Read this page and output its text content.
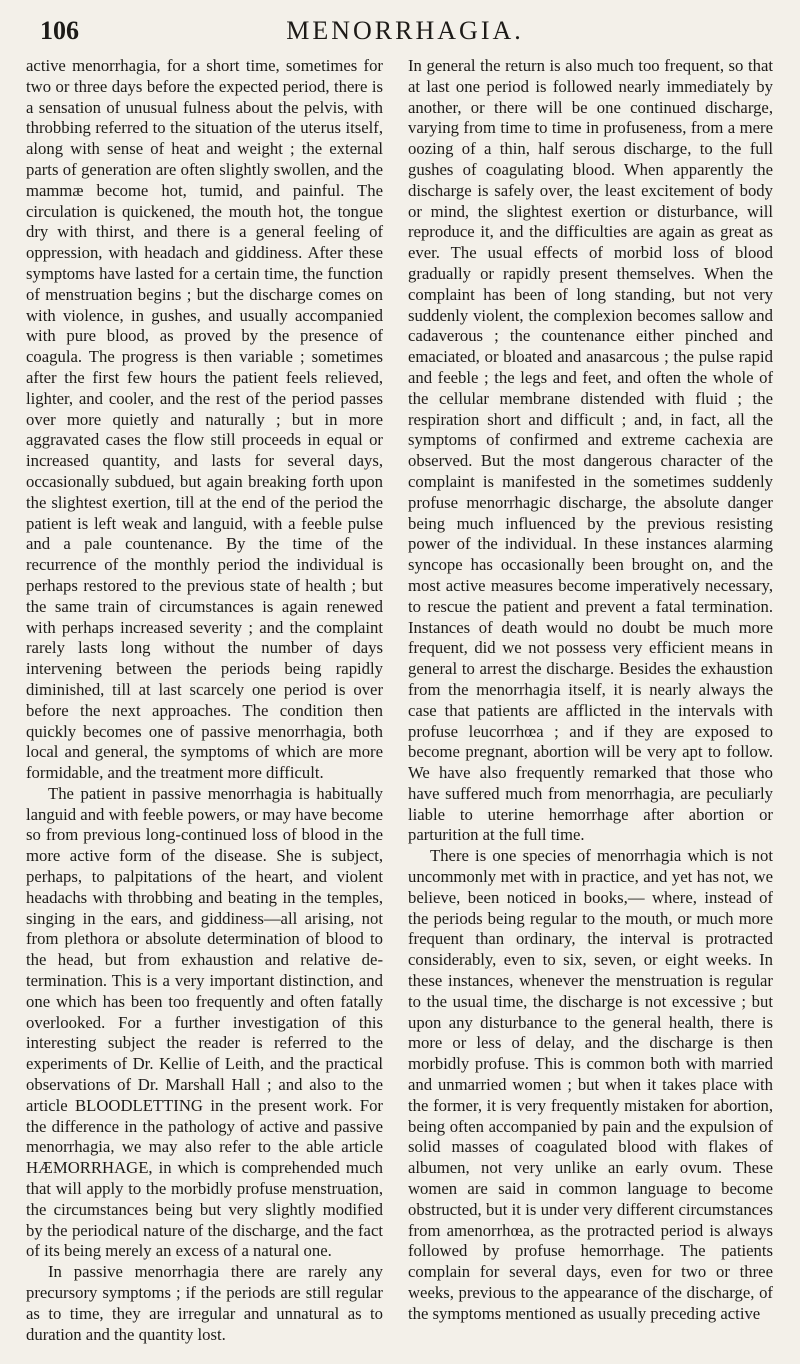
106	MENORRHAGIA.

active menorrhagia, for a short time, sometimes for two or three days before the expected period, there is a sensation of unusual fulness about the pelvis, with throbbing referred to the situation of the uterus itself, along with sense of heat and weight ; the external parts of generation are often slightly swollen, and the mammæ become hot, tumid, and painful. The circulation is quickened, the mouth hot, the tongue dry with thirst, and there is a general feeling of oppression, with headach and giddiness. After these symptoms have lasted for a certain time, the function of menstruation begins ; but the discharge comes on with violence, in gushes, and usually accompanied with pure blood, as proved by the presence of coagula. The progress is then variable ; sometimes after the first few hours the patient feels relieved, lighter, and cooler, and the rest of the period passes over more quietly and naturally ; but in more aggravated cases the flow still proceeds in equal or increased quantity, and lasts for several days, occasionally subdued, but again breaking forth upon the slightest exertion, till at the end of the period the patient is left weak and languid, with a feeble pulse and a pale countenance. By the time of the recurrence of the monthly period the individual is perhaps restored to the previous state of health ; but the same train of circumstances is again renewed with perhaps increased severity ; and the complaint rarely lasts long without the number of days intervening between the periods being rapidly diminished, till at last scarcely one period is over before the next approaches. The condition then quickly becomes one of passive menorrhagia, both local and general, the symptoms of which are more formidable, and the treatment more difficult.

The patient in passive menorrhagia is habitually languid and with feeble powers, or may have become so from previous long-continued loss of blood in the more active form of the disease. She is subject, perhaps, to palpitations of the heart, and violent headachs with throbbing and beating in the temples, singing in the ears, and giddiness—all arising, not from plethora or absolute determination of blood to the head, but from exhaustion and relative determination. This is a very important distinction, and one which has been too frequently and often fatally overlooked. For a further investigation of this interesting subject the reader is referred to the experiments of Dr. Kellie of Leith, and the practical observations of Dr. Marshall Hall ; and also to the article BLOODLETTING in the present work. For the difference in the pathology of active and passive menorrhagia, we may also refer to the able article HÆMORRHAGE, in which is comprehended much that will apply to the morbidly profuse menstruation, the circumstances being but very slightly modified by the periodical nature of the discharge, and the fact of its being merely an excess of a natural one.

In passive menorrhagia there are rarely any precursory symptoms ; if the periods are still regular as to time, they are irregular and unnatural as to duration and the quantity lost.

In general the return is also much too frequent, so that at last one period is followed nearly immediately by another, or there will be one continued discharge, varying from time to time in profuseness, from a mere oozing of a thin, half serous discharge, to the full gushes of coagulating blood. When apparently the discharge is safely over, the least excitement of body or mind, the slightest exertion or disturbance, will reproduce it, and the difficulties are again as great as ever. The usual effects of morbid loss of blood gradually or rapidly present themselves. When the complaint has been of long standing, but not very suddenly violent, the complexion becomes sallow and cadaverous ; the countenance either pinched and emaciated, or bloated and anasarcous ; the pulse rapid and feeble ; the legs and feet, and often the whole of the cellular membrane distended with fluid ; the respiration short and difficult ; and, in fact, all the symptoms of confirmed and extreme cachexia are observed. But the most dangerous character of the complaint is manifested in the sometimes suddenly profuse menorrhagic discharge, the absolute danger being much influenced by the previous resisting power of the individual. In these instances alarming syncope has occasionally been brought on, and the most active measures become imperatively necessary, to rescue the patient and prevent a fatal termination. Instances of death would no doubt be much more frequent, did we not possess very efficient means in general to arrest the discharge. Besides the exhaustion from the menorrhagia itself, it is nearly always the case that patients are afflicted in the intervals with profuse leucorrhœa ; and if they are exposed to become pregnant, abortion will be very apt to follow. We have also frequently remarked that those who have suffered much from menorrhagia, are peculiarly liable to uterine hemorrhage after abortion or parturition at the full time.

There is one species of menorrhagia which is not uncommonly met with in practice, and yet has not, we believe, been noticed in books,— where, instead of the periods being regular to the mouth, or much more frequent than ordinary, the interval is protracted considerably, even to six, seven, or eight weeks. In these instances, whenever the menstruation is regular to the usual time, the discharge is not excessive ; but upon any disturbance to the general health, there is more or less of delay, and the discharge is then morbidly profuse. This is common both with married and unmarried women ; but when it takes place with the former, it is very frequently mistaken for abortion, being often accompanied by pain and the expulsion of solid masses of coagulated blood with flakes of albumen, not very unlike an early ovum. These women are said in common language to become obstructed, but it is under very different circumstances from amenorrhœa, as the protracted period is always followed by profuse hemorrhage. The patients complain for several days, even for two or three weeks, previous to the appearance of the discharge, of the symptoms mentioned as usually preceding active
